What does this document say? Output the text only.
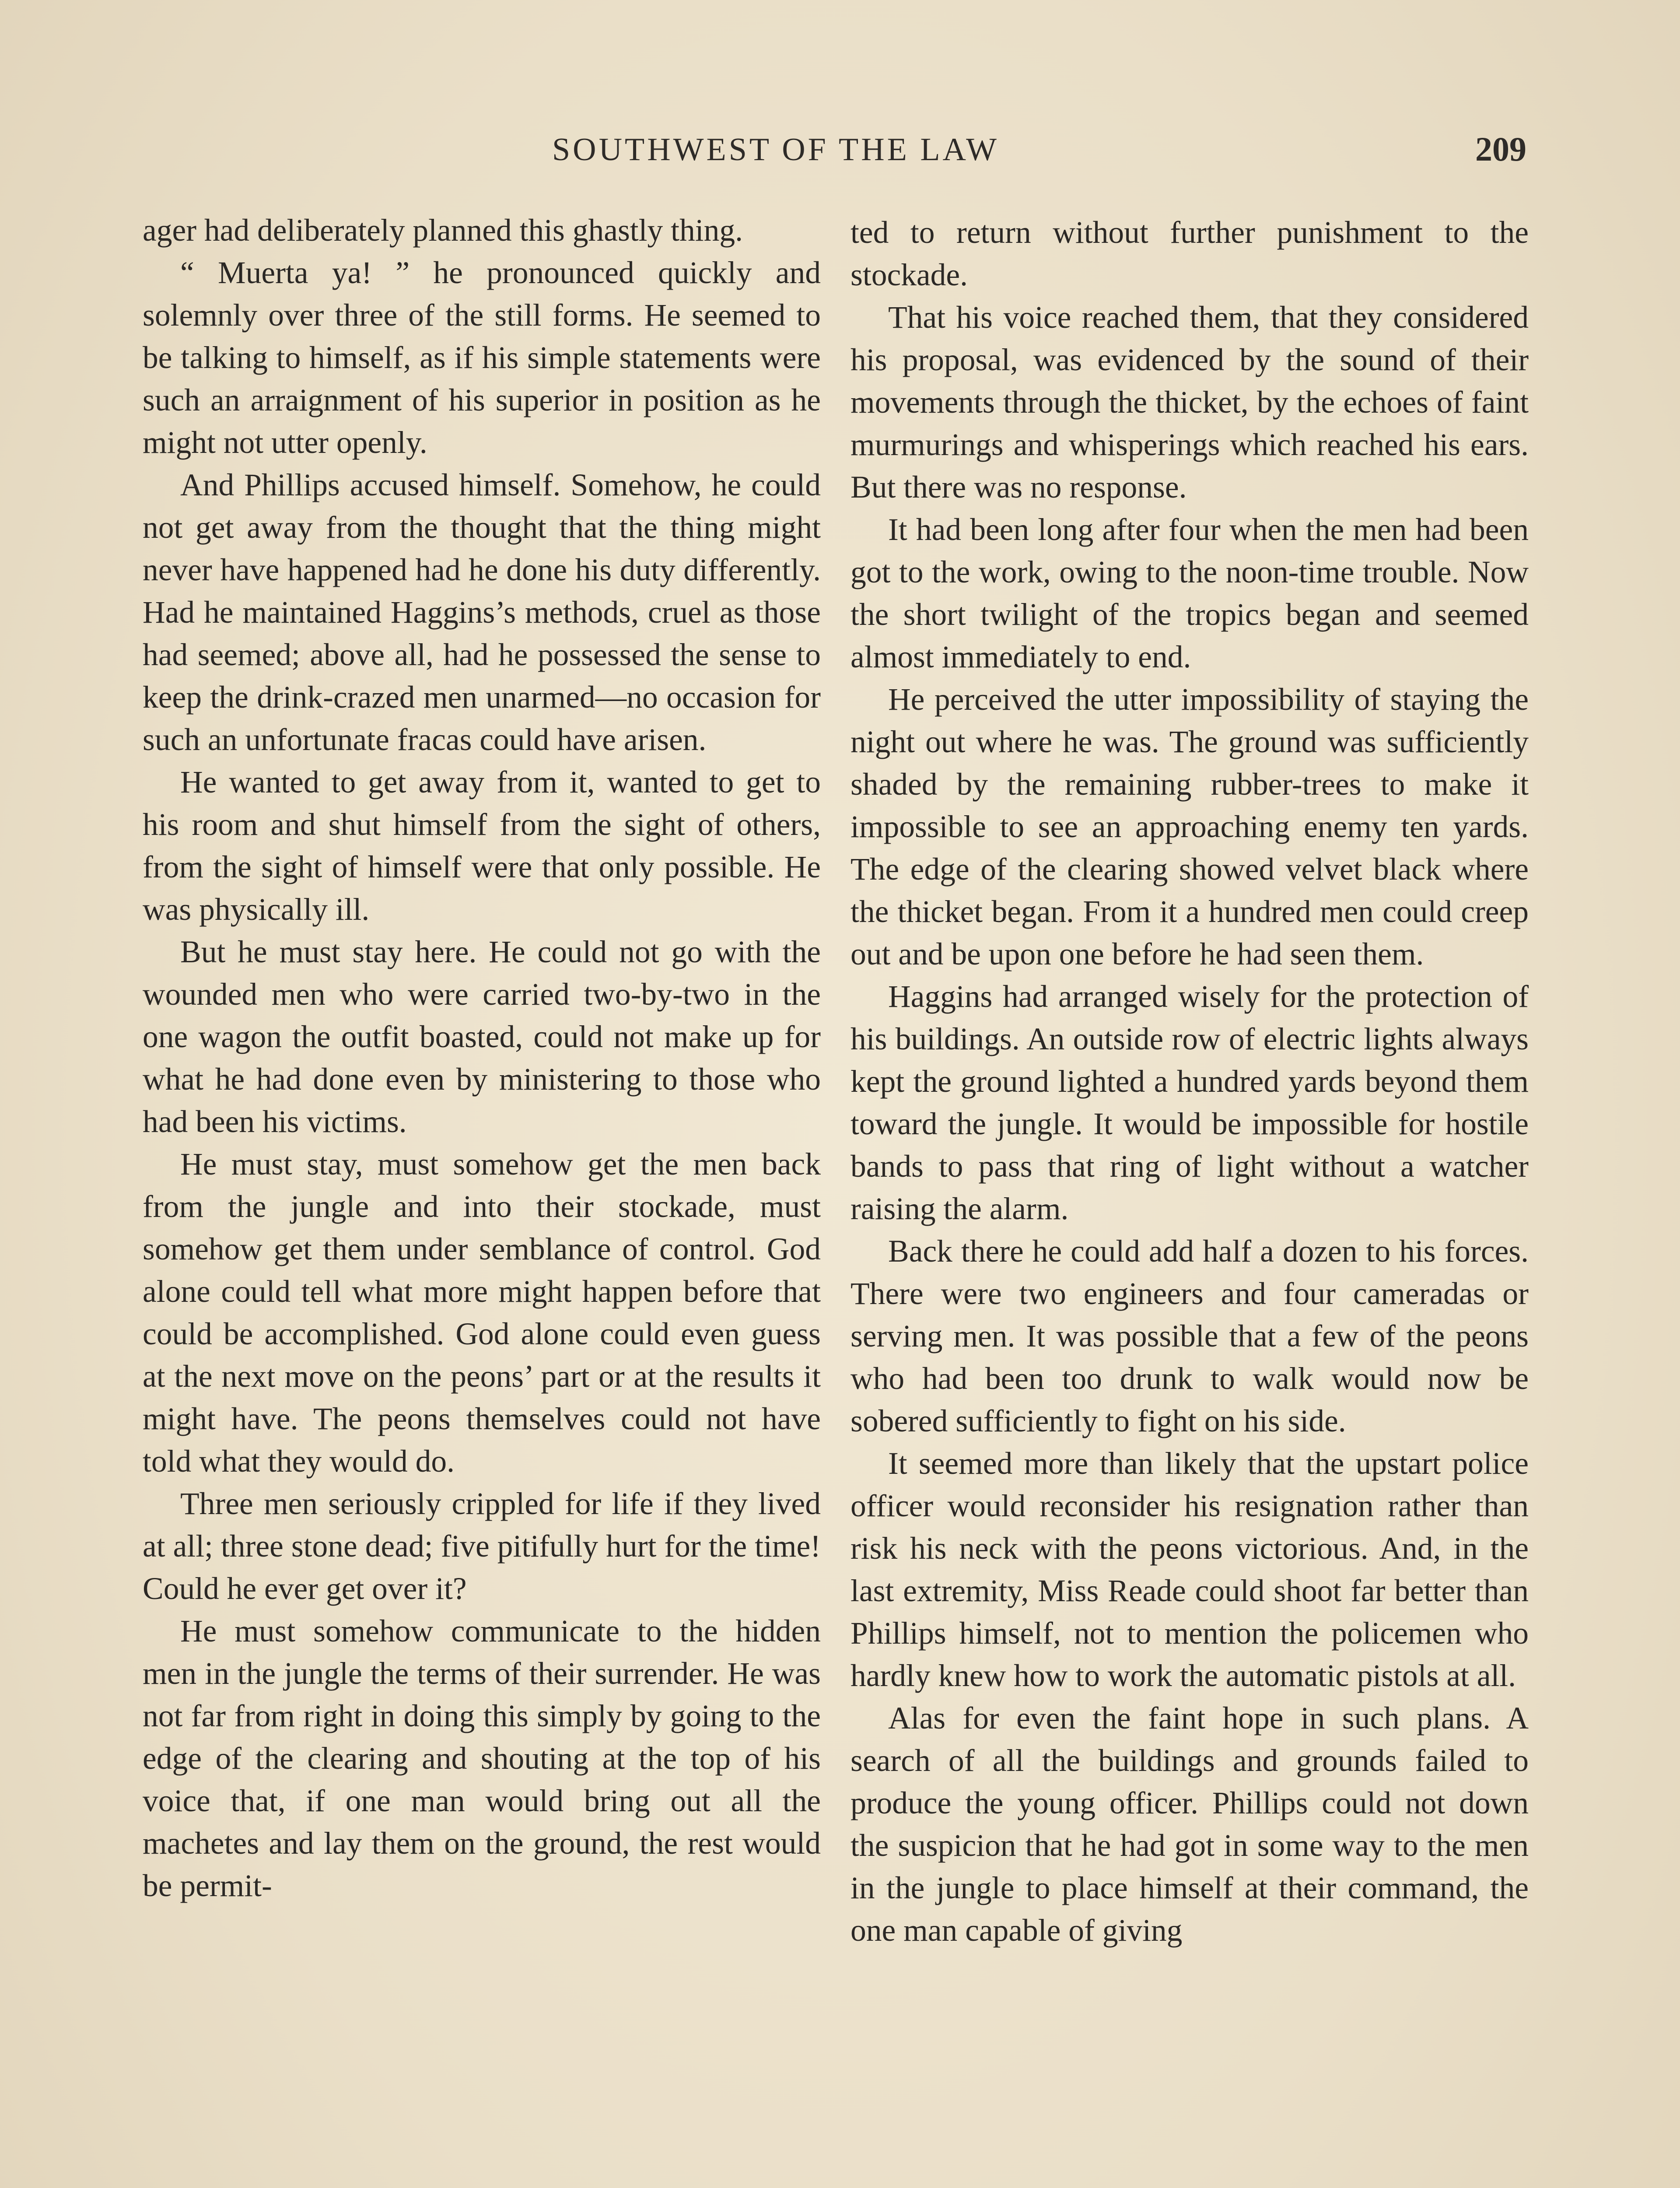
SOUTHWEST OF THE LAW	209

ager had deliberately planned this ghastly thing.

“ Muerta ya! ” he pronounced quickly and solemnly over three of the still forms. He seemed to be talking to himself, as if his simple statements were such an arraignment of his superior in position as he might not utter openly.

And Phillips accused himself. Somehow, he could not get away from the thought that the thing might never have happened had he done his duty differently. Had he maintained Haggins’s methods, cruel as those had seemed; above all, had he possessed the sense to keep the drink-crazed men unarmed—no occasion for such an unfortunate fracas could have arisen.

He wanted to get away from it, wanted to get to his room and shut himself from the sight of others, from the sight of himself were that only possible. He was physically ill.

But he must stay here. He could not go with the wounded men who were carried two-by-two in the one wagon the outfit boasted, could not make up for what he had done even by ministering to those who had been his victims.

He must stay, must somehow get the men back from the jungle and into their stockade, must somehow get them under semblance of control. God alone could tell what more might happen before that could be accomplished. God alone could even guess at the next move on the peons’ part or at the results it might have. The peons themselves could not have told what they would do.

Three men seriously crippled for life if they lived at all; three stone dead; five pitifully hurt for the time! Could he ever get over it?

He must somehow communicate to the hidden men in the jungle the terms of their surrender. He was not far from right in doing this simply by going to the edge of the clearing and shouting at the top of his voice that, if one man would bring out all the machetes and lay them on the ground, the rest would be permit-

ted to return without further punishment to the stockade.

That his voice reached them, that they considered his proposal, was evidenced by the sound of their movements through the thicket, by the echoes of faint murmurings and whisperings which reached his ears. But there was no response.

It had been long after four when the men had been got to the work, owing to the noon-time trouble. Now the short twilight of the tropics began and seemed almost immediately to end.

He perceived the utter impossibility of staying the night out where he was. The ground was sufficiently shaded by the remaining rubber-trees to make it impossible to see an approaching enemy ten yards. The edge of the clearing showed velvet black where the thicket began. From it a hundred men could creep out and be upon one before he had seen them.

Haggins had arranged wisely for the protection of his buildings. An outside row of electric lights always kept the ground lighted a hundred yards beyond them toward the jungle. It would be impossible for hostile bands to pass that ring of light without a watcher raising the alarm.

Back there he could add half a dozen to his forces. There were two engineers and four cameradas or serving men. It was possible that a few of the peons who had been too drunk to walk would now be sobered sufficiently to fight on his side.

It seemed more than likely that the upstart police officer would reconsider his resignation rather than risk his neck with the peons victorious. And, in the last extremity, Miss Reade could shoot far better than Phillips himself, not to mention the policemen who hardly knew how to work the automatic pistols at all.

Alas for even the faint hope in such plans. A search of all the buildings and grounds failed to produce the young officer. Phillips could not down the suspicion that he had got in some way to the men in the jungle to place himself at their command, the one man capable of giving
